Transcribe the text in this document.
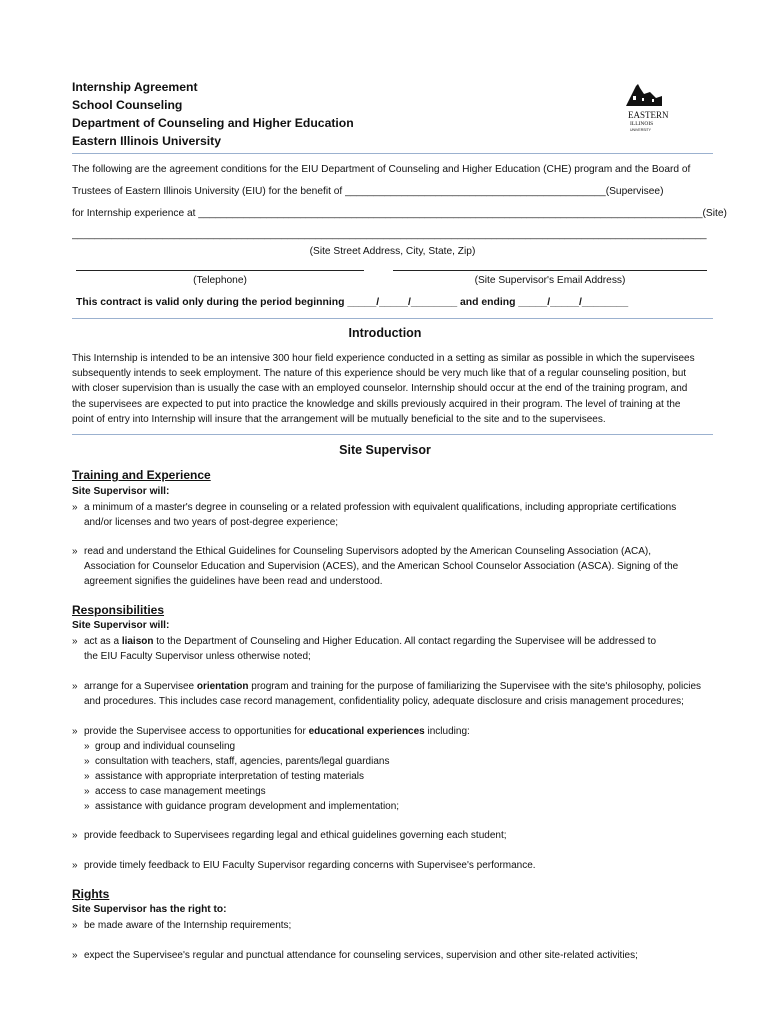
Internship Agreement
School Counseling
Department of Counseling and Higher Education
Eastern Illinois University
EASTERN
ILLINOIS
UNIVERSITY
The following are the agreement conditions for the EIU Department of Counseling and Higher Education (CHE) program and the Board of
Trustees of Eastern Illinois University (EIU) for the benefit of ______________________________________________(Supervisee)
for Internship experience at _________________________________________________________________________________________(Site)
________________________________________________________________________________________________________________
(Site Street Address, City, State, Zip)
(Telephone)	(Site Supervisor's Email Address)
This contract is valid only during the period beginning _____/_____/________ and ending _____/_____/________
Introduction
This Internship is intended to be an intensive 300 hour field experience conducted in a setting as similar as possible in which the supervisees
subsequently intends to seek employment. The nature of this experience should be very much like that of a regular counseling position, but
with closer supervision than is usually the case with an employed counselor. Internship should occur at the end of the training program, and
the supervisees are expected to put into practice the knowledge and skills previously acquired in their program. The level of training at the
point of entry into Internship will insure that the arrangement will be mutually beneficial to the site and to the supervisees.
Site Supervisor
Training and Experience
Site Supervisor will:
» a minimum of a master's degree in counseling or a related profession with equivalent qualifications, including appropriate certifications
and/or licenses and two years of post-degree experience;
» read and understand the Ethical Guidelines for Counseling Supervisors adopted by the American Counseling Association (ACA),
Association for Counselor Education and Supervision (ACES), and the American School Counselor Association (ASCA). Signing of the
agreement signifies the guidelines have been read and understood.
Responsibilities
Site Supervisor will:
» act as a liaison to the Department of Counseling and Higher Education. All contact regarding the Supervisee will be addressed to
the EIU Faculty Supervisor unless otherwise noted;
» arrange for a Supervisee orientation program and training for the purpose of familiarizing the Supervisee with the site's philosophy, policies
and procedures. This includes case record management, confidentiality policy, adequate disclosure and crisis management procedures;
» provide the Supervisee access to opportunities for educational experiences including:
» group and individual counseling
» consultation with teachers, staff, agencies, parents/legal guardians
» assistance with appropriate interpretation of testing materials
» access to case management meetings
» assistance with guidance program development and implementation;
» provide feedback to Supervisees regarding legal and ethical guidelines governing each student;
» provide timely feedback to EIU Faculty Supervisor regarding concerns with Supervisee's performance.
Rights
Site Supervisor has the right to:
» be made aware of the Internship requirements;
» expect the Supervisee's regular and punctual attendance for counseling services, supervision and other site-related activities;
